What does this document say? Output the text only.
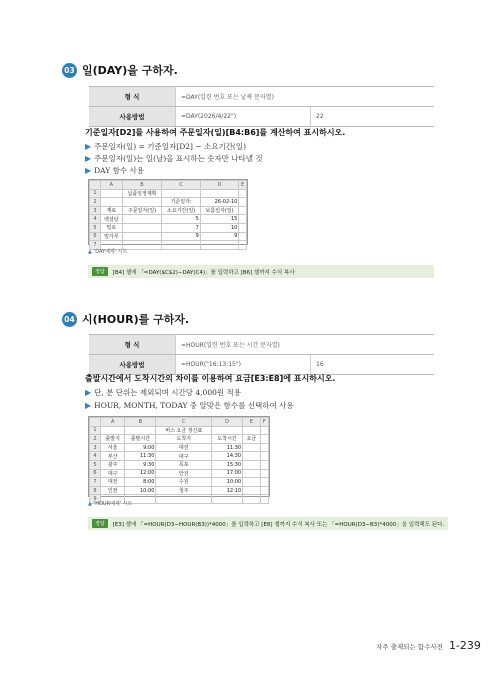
03 일(DAY)을 구하자.
형 식	=DAY(일련 번호 또는 날짜 문자열)	
사용방법	=DAY(2026/4/22")	22
기준일자[D2]를 사용하여 주문일자(일)[B4:B6]를 계산하여 표시하시오.
▶ 주문일자(일) = 기준일자[D2] − 소요기간(일)
▶ 주문일자(일)는 일(날)을 표시하는 숫자만 나타낼 것
▶ DAY 함수 사용
	A	B	C	D	E
1		납품일정계획			
2			기준일자:	26-02-10	
3	재료	주문일자(일)	소요기간(일)	보름일자(일)	
4	백설탕		5	15	
5	밀로		7	10	
6	밀가루		9	9	
7					
▲ 'DAY예제' 시트
정답	[B4] 셀에 「=DAY($C$2)−DAY(C4)」를 입력하고 [B6] 셀까지 수식 복사
04 시(HOUR)를 구하자.
형 식	=HOUR(일련 번호 또는 시간 문자열)	
사용방법	=HOUR("16:13:15")	16
출발시간에서 도착시간의 차이를 이용하여 요금[E3:E8]에 표시하시오.
▶ 단, 분 단위는 제외되며 시간당 4,000원 적용
▶ HOUR, MONTH, TODAY 중 알맞은 함수를 선택하여 사용
	A	B	C	D	E	F
1			버스 요금 정산표			
2	출발지	출발시간	도착지	도착시간	요금	
3	서울	9:00	대전	11:30		
4	부산	11:30	대구	14:30		
5	광주	9:30	목포	15:30		
6	대구	12:00	안전	17:00		
7	대전	8:00	수원	10:00		
8	인천	10:00	청주	12:10		
9						
▲ 'HOUR예제' 시트
정답	[E3] 셀에 「=HOUR(D3−HOUR(B3))*4000」를 입력하고 [E8] 셀까지 수식 복사 또는 「=HOUR(D3−B3)*4000」을 입력해도 된다.
자주 출제되는 함수사전 1-239
